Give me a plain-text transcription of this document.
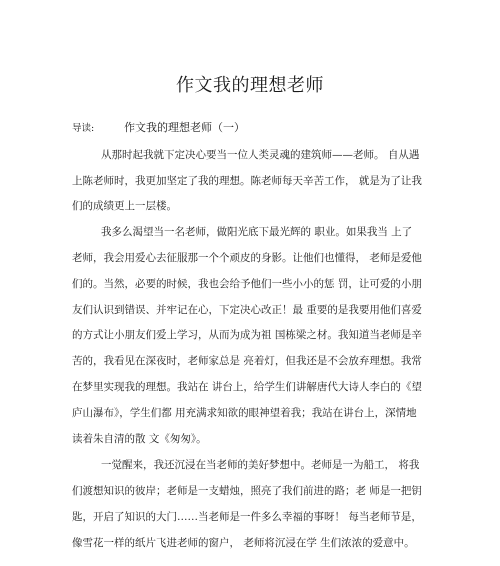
作文我的理想老师
导读:	作文我的理想老师（一）
从那时起我就下定决心要当一位人类灵魂的建筑师——老师。 自从遇
上陈老师时，我更加坚定了我的理想。陈老师每天辛苦工作， 就是为了让我
们的成绩更上一层楼。
我多么渴望当一名老师，做阳光底下最光辉的 职业。如果我当 上了
老师，我会用爱心去征服那一个个顽皮的身影。让他们也懂得， 老师是爱他
们的。当然，必要的时候，我也会给予他们一些小小的惩 罚，让可爱的小朋
友们认识到错误、并牢记在心，下定决心改正！最 重要的是我要用他们喜爱
的方式让小朋友们爱上学习，从而为成为祖 国栋梁之材。我知道当老师是辛
苦的，我看见在深夜时，老师家总是 亮着灯，但我还是不会放弃理想。我常
在梦里实现我的理想。我站在 讲台上，给学生们讲解唐代大诗人李白的《望
庐山瀑布》，学生们都 用充满求知欲的眼神望着我；我站在讲台上，深情地
读着朱自清的散 文《匆匆》。
一觉醒来，我还沉浸在当老师的美好梦想中。老师是一为船工， 将我
们渡想知识的彼岸；老师是一支蜡烛，照亮了我们前进的路；老 师是一把钥
匙，开启了知识的大门……当老师是一件多么幸福的事呀！ 每当老师节是，
像雪花一样的纸片飞进老师的窗户， 老师将沉浸在学 生们浓浓的爱意中。
